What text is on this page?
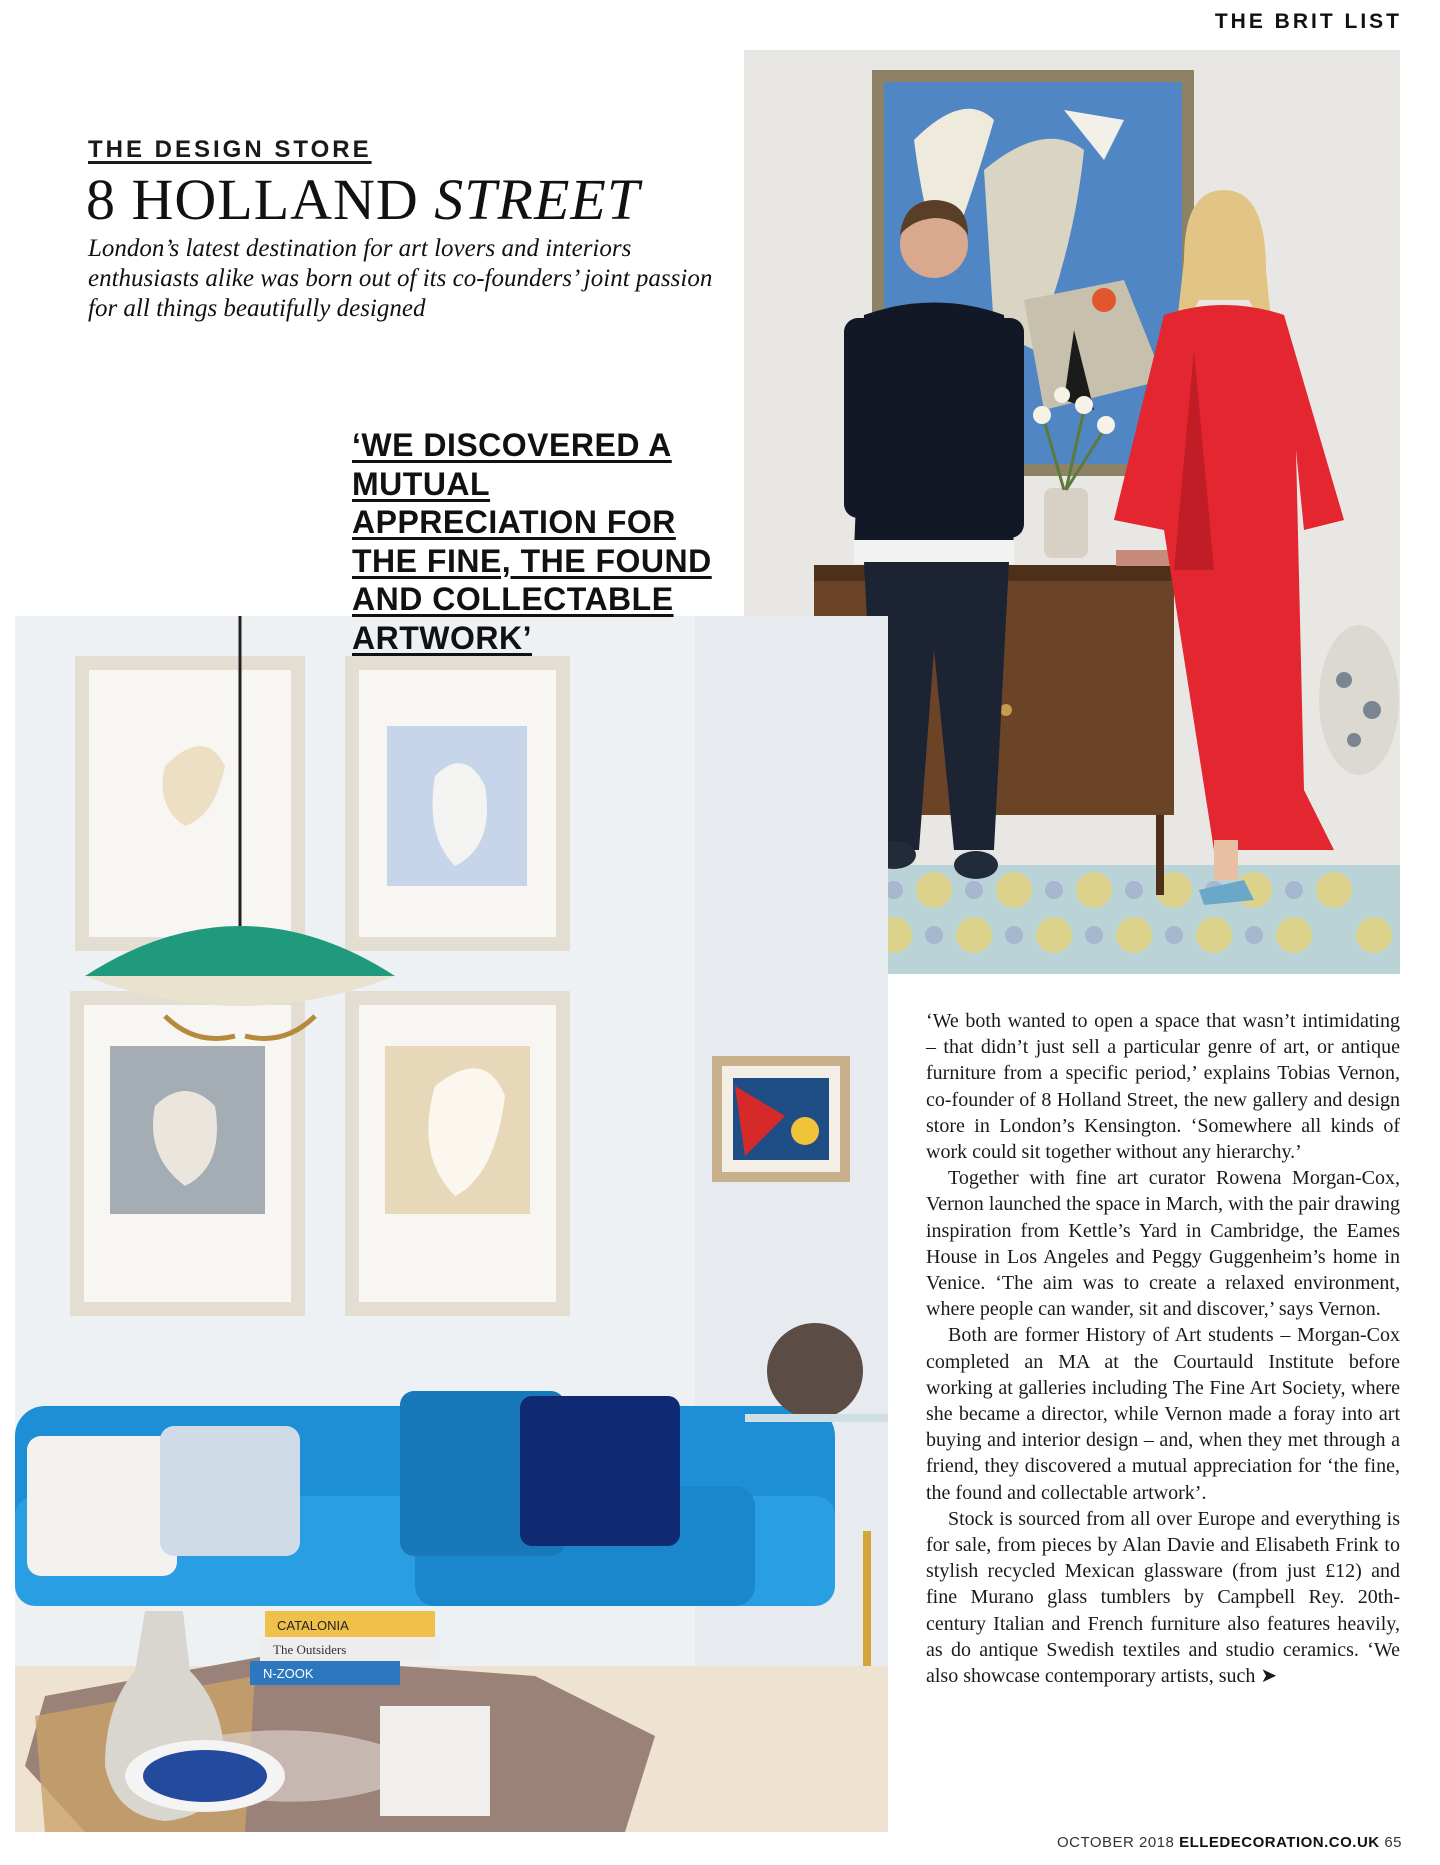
THE BRIT LIST
THE DESIGN STORE
8 HOLLAND STREET
London’s latest destination for art lovers and interiors enthusiasts alike was born out of its co-founders’ joint passion for all things beautifully designed
CATALONIA
The Outsiders
N-ZOOK
‘WE DISCOVERED A MUTUAL APPRECIATION FOR THE FINE, THE FOUND AND COLLECTABLE ARTWORK’

‘We both wanted to open a space that wasn’t intimidating – that didn’t just sell a particular genre of art, or antique furniture from a specific period,’ explains Tobias Vernon, co-founder of 8 Holland Street, the new gallery and design store in London’s Kensington. ‘Somewhere all kinds of work could sit together without any hierarchy.’

Together with fine art curator Rowena Morgan-Cox, Vernon launched the space in March, with the pair drawing inspiration from Kettle’s Yard in Cambridge, the Eames House in Los Angeles and Peggy Guggenheim’s home in Venice. ‘The aim was to create a relaxed environment, where people can wander, sit and discover,’ says Vernon.

Both are former History of Art students – Morgan-Cox completed an MA at the Courtauld Institute before working at galleries including The Fine Art Society, where she became a director, while Vernon made a foray into art buying and interior design – and, when they met through a friend, they discovered a mutual appreciation for ‘the fine, the found and collectable artwork’.

Stock is sourced from all over Europe and everything is for sale, from pieces by Alan Davie and Elisabeth Frink to stylish recycled Mexican glassware (from just £12) and fine Murano glass tumblers by Campbell Rey. 20th-century Italian and French furniture also features heavily, as do antique Swedish textiles and studio ceramics. ‘We also showcase contemporary artists, such ➤

OCTOBER 2018 ELLEDECORATION.CO.UK 65
